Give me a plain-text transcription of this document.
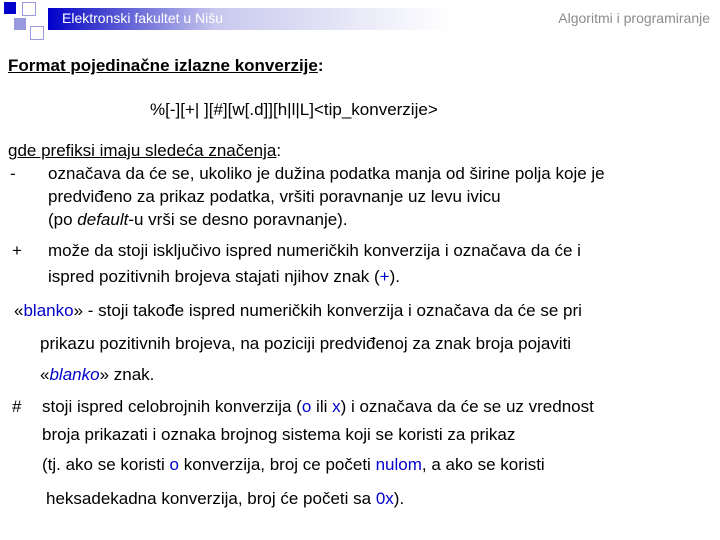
Elektronski fakultet u Nišu	Algoritmi i programiranje
Format pojedinačne izlazne konverzije:
%[-][+| ][#][w[.d]][h|l|L]<tip_konverzije>
gde prefiksi imaju sledeća značenja:
- označava da će se, ukoliko je dužina podatka manja od širine polja koje je
predviđeno za prikaz podatka, vršiti poravnanje uz levu ivicu
(po default-u vrši se desno poravnanje).
+ može da stoji isključivo ispred numeričkih konverzija i označava da će i
ispred pozitivnih brojeva stajati njihov znak (+).
«blanko» - stoji takođe ispred numeričkih konverzija i označava da će se pri
prikazu pozitivnih brojeva, na poziciji predviđenoj za znak broja pojaviti
«blanko» znak.
# stoji ispred celobrojnih konverzija (o ili x) i označava da će se uz vrednost
broja prikazati i oznaka brojnog sistema koji se koristi za prikaz
(tj. ako se koristi o konverzija, broj ce početi nulom, a ako se koristi
heksadekadna konverzija, broj će početi sa 0x).
